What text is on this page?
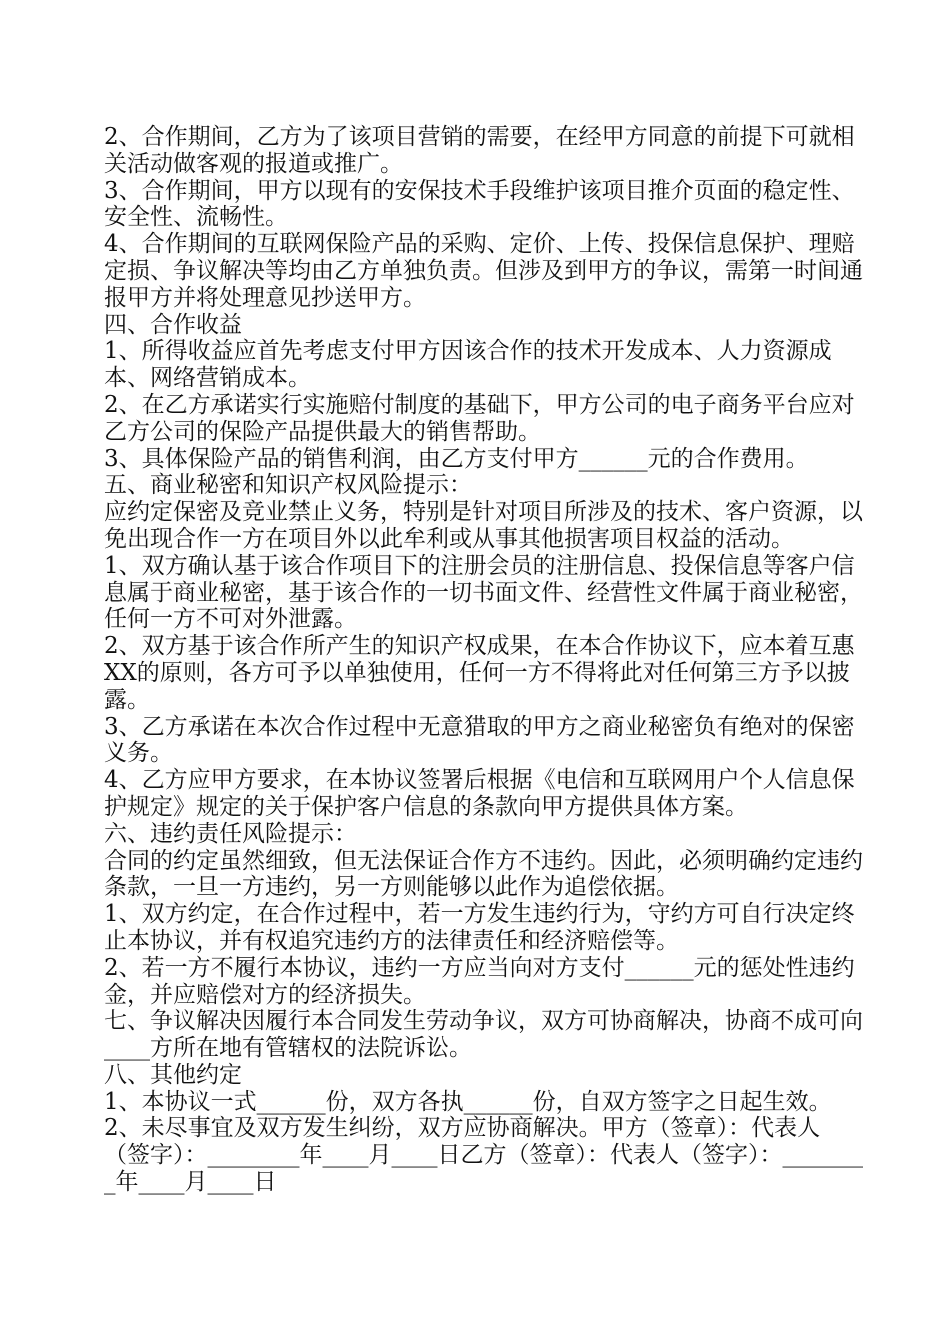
2、合作期间，乙方为了该项目营销的需要，在经甲方同意的前提下可就相关活动做客观的报道或推广。

3、合作期间，甲方以现有的安保技术手段维护该项目推介页面的稳定性、安全性、流畅性。

4、合作期间的互联网保险产品的采购、定价、上传、投保信息保护、理赔定损、争议解决等均由乙方单独负责。但涉及到甲方的争议，需第一时间通报甲方并将处理意见抄送甲方。

四、合作收益

1、所得收益应首先考虑支付甲方因该合作的技术开发成本、人力资源成本、网络营销成本。

2、在乙方承诺实行实施赔付制度的基础下，甲方公司的电子商务平台应对乙方公司的保险产品提供最大的销售帮助。

3、具体保险产品的销售利润，由乙方支付甲方______元的合作费用。

五、商业秘密和知识产权风险提示：

应约定保密及竞业禁止义务，特别是针对项目所涉及的技术、客户资源，以免出现合作一方在项目外以此牟利或从事其他损害项目权益的活动。

1、双方确认基于该合作项目下的注册会员的注册信息、投保信息等客户信息属于商业秘密，基于该合作的一切书面文件、经营性文件属于商业秘密，任何一方不可对外泄露。

2、双方基于该合作所产生的知识产权成果，在本合作协议下，应本着互惠XX的原则，各方可予以单独使用，任何一方不得将此对任何第三方予以披露。

3、乙方承诺在本次合作过程中无意猎取的甲方之商业秘密负有绝对的保密义务。

4、乙方应甲方要求，在本协议签署后根据《电信和互联网用户个人信息保护规定》规定的关于保护客户信息的条款向甲方提供具体方案。

六、违约责任风险提示：

合同的约定虽然细致，但无法保证合作方不违约。因此，必须明确约定违约条款，一旦一方违约，另一方则能够以此作为追偿依据。

1、双方约定，在合作过程中，若一方发生违约行为，守约方可自行决定终止本协议，并有权追究违约方的法律责任和经济赔偿等。

2、若一方不履行本协议，违约一方应当向对方支付______元的惩处性违约金，并应赔偿对方的经济损失。

七、争议解决因履行本合同发生劳动争议，双方可协商解决，协商不成可向____方所在地有管辖权的法院诉讼。

八、其他约定

1、本协议一式______份，双方各执______份，自双方签字之日起生效。

2、未尽事宜及双方发生纠纷，双方应协商解决。甲方（签章）：代表人（签字）：________年____月____日乙方（签章）：代表人（签字）：________年____月____日
